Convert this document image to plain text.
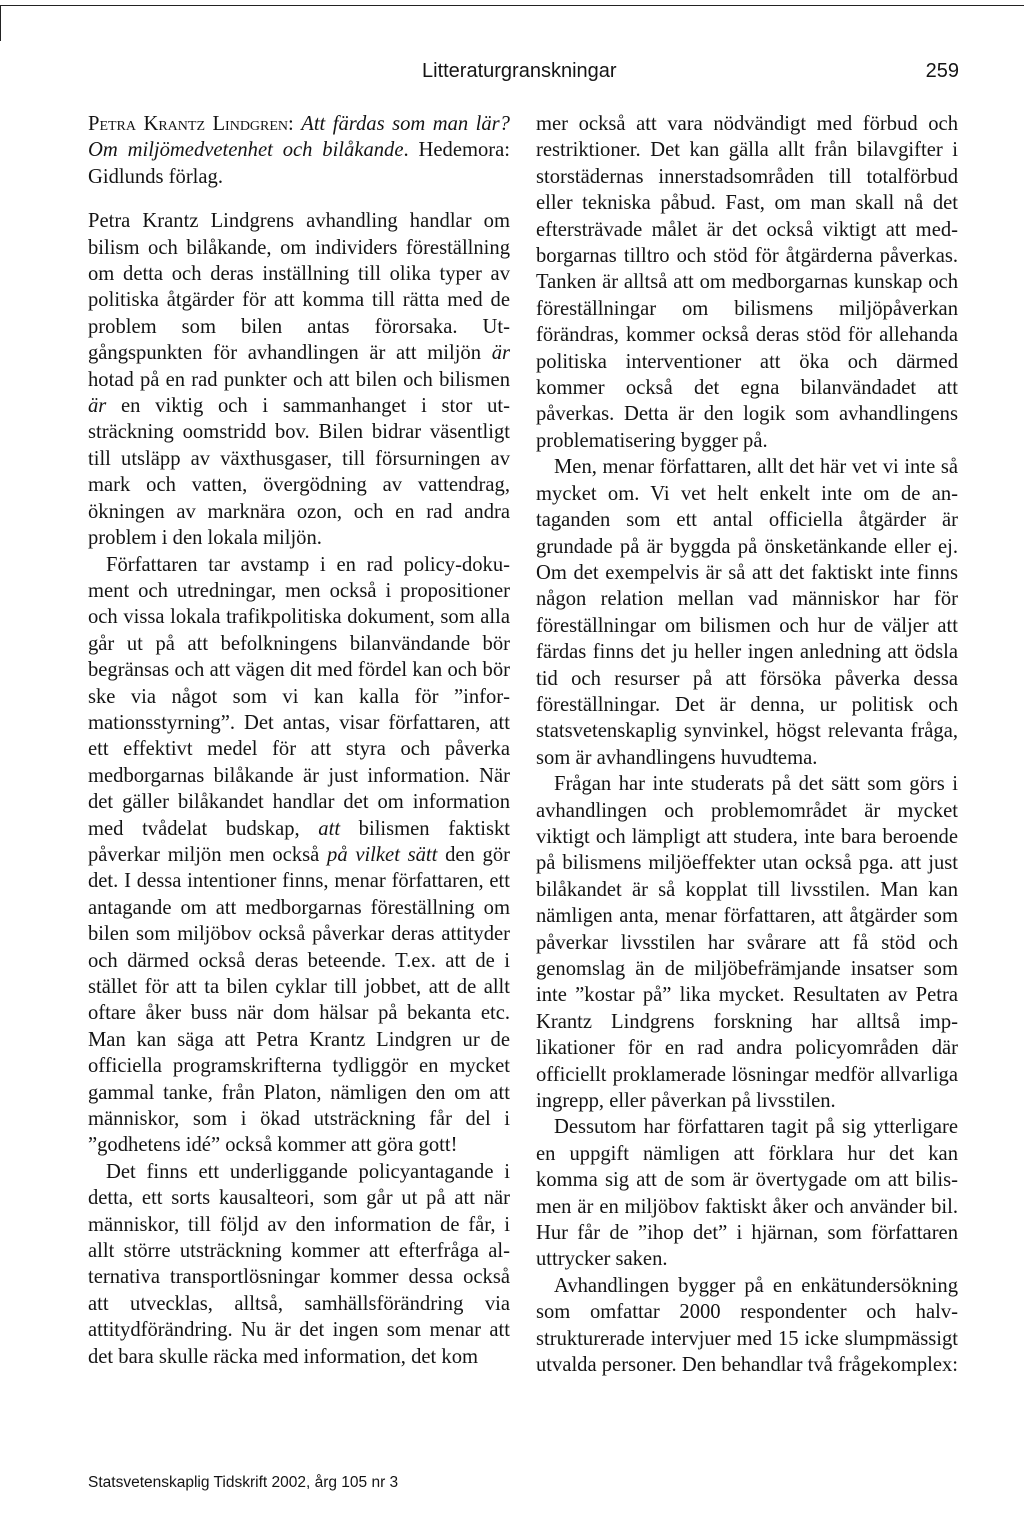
Litteraturgranskningar	259

Petra Krantz Lindgren: Att färdas som man lär? Om miljömedvetenhet och bilåkande. Hedemora: Gidlunds förlag.

Petra Krantz Lindgrens avhandling handlar om bilism och bilåkande, om individers föreställning om detta och deras inställning till olika typer av politiska åtgärder för att komma till rätta med de problem som bilen antas förorsaka. Utgångspunkten för avhandlingen är att miljön är hotad på en rad punkter och att bilen och bilismen är en viktig och i sammanhanget i stor utsträckning oomstridd bov. Bilen bidrar väsentligt till utsläpp av växthusgaser, till försurningen av mark och vatten, övergödning av vattendrag, ökningen av marknära ozon, och en rad andra problem i den lokala miljön.

Författaren tar avstamp i en rad policy-dokument och utredningar, men också i propositioner och vissa lokala trafikpolitiska dokument, som alla går ut på att befolkningens bilanvändande bör begränsas och att vägen dit med fördel kan och bör ske via något som vi kan kalla för ”informationsstyrning”. Det antas, visar författaren, att ett effektivt medel för att styra och påverka medborgarnas bilåkande är just information. När det gäller bilåkandet handlar det om information med tvådelat budskap, att bilismen faktiskt påverkar miljön men också på vilket sätt den gör det. I dessa intentioner finns, menar författaren, ett antagande om att medborgarnas föreställning om bilen som miljöbov också påverkar deras attityder och därmed också deras beteende. T.ex. att de i stället för att ta bilen cyklar till jobbet, att de allt oftare åker buss när dom hälsar på bekanta etc. Man kan säga att Petra Krantz Lindgren ur de officiella programskrifterna tydliggör en mycket gammal tanke, från Platon, nämligen den om att människor, som i ökad utsträckning får del i ”godhetens idé” också kommer att göra gott!

Det finns ett underliggande policyantagande i detta, ett sorts kausalteori, som går ut på att när människor, till följd av den information de får, i allt större utsträckning kommer att efterfråga alternativa transportlösningar kommer dessa också att utvecklas, alltså, samhällsförändring via attitydförändring. Nu är det ingen som menar att det bara skulle räcka med information, det kom

mer också att vara nödvändigt med förbud och restriktioner. Det kan gälla allt från bilavgifter i storstädernas innerstadsområden till totalförbud eller tekniska påbud. Fast, om man skall nå det eftersträvade målet är det också viktigt att medborgarnas tilltro och stöd för åtgärderna påverkas. Tanken är alltså att om medborgarnas kunskap och föreställningar om bilismens miljöpåverkan förändras, kommer också deras stöd för allehanda politiska interventioner att öka och därmed kommer också det egna bilanvändadet att påverkas. Detta är den logik som avhandlingens problematisering bygger på.

Men, menar författaren, allt det här vet vi inte så mycket om. Vi vet helt enkelt inte om de antaganden som ett antal officiella åtgärder är grundade på är byggda på önsketänkande eller ej. Om det exempelvis är så att det faktiskt inte finns någon relation mellan vad människor har för föreställningar om bilismen och hur de väljer att färdas finns det ju heller ingen anledning att ödsla tid och resurser på att försöka påverka dessa föreställningar. Det är denna, ur politisk och statsvetenskaplig synvinkel, högst relevanta fråga, som är avhandlingens huvudtema.

Frågan har inte studerats på det sätt som görs i avhandlingen och problemområdet är mycket viktigt och lämpligt att studera, inte bara beroende på bilismens miljöeffekter utan också pga. att just bilåkandet är så kopplat till livsstilen. Man kan nämligen anta, menar författaren, att åtgärder som påverkar livsstilen har svårare att få stöd och genomslag än de miljöbefrämjande insatser som inte ”kostar på” lika mycket. Resultaten av Petra Krantz Lindgrens forskning har alltså implikationer för en rad andra policyområden där officiellt proklamerade lösningar medför allvarliga ingrepp, eller påverkan på livsstilen.

Dessutom har författaren tagit på sig ytterligare en uppgift nämligen att förklara hur det kan komma sig att de som är övertygade om att bilismen är en miljöbov faktiskt åker och använder bil. Hur får de ”ihop det” i hjärnan, som författaren uttrycker saken.

Avhandlingen bygger på en enkätundersökning som omfattar 2000 respondenter och halvstrukturerade intervjuer med 15 icke slumpmässigt utvalda personer. Den behandlar två frågekomplex:

Statsvetenskaplig Tidskrift 2002, årg 105 nr 3
